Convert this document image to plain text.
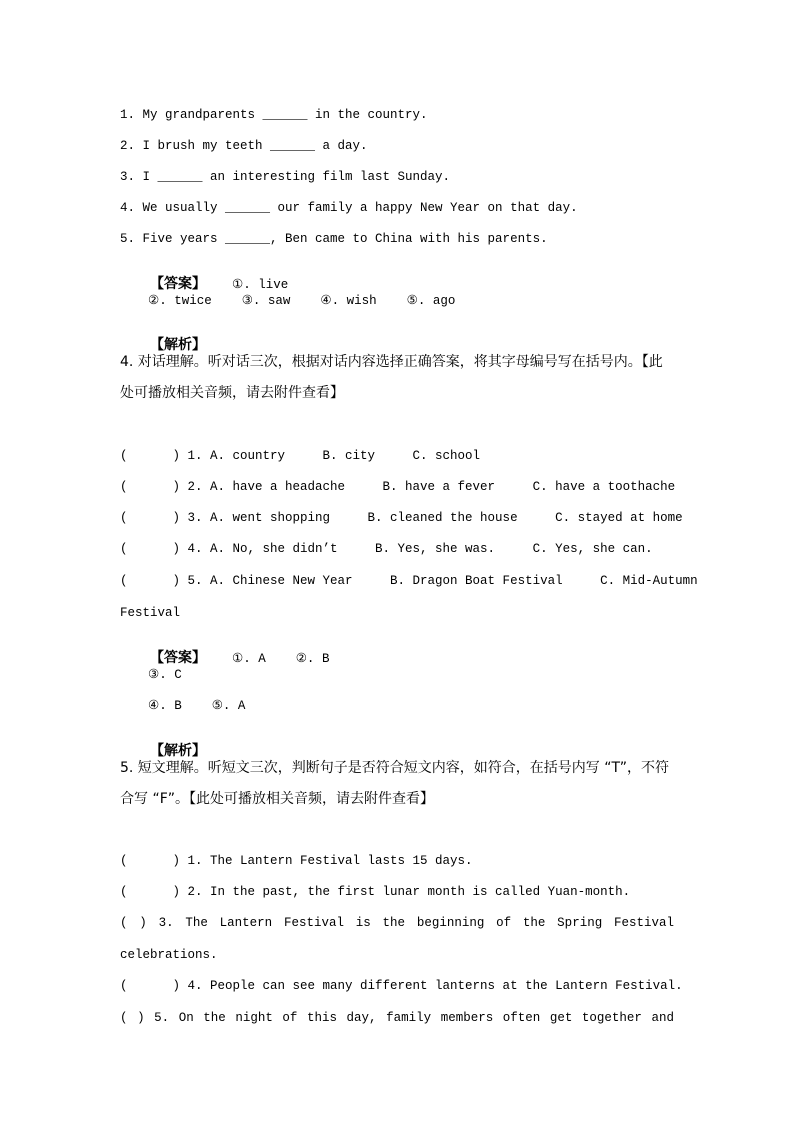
1. My grandparents ______ in the country.
2. I brush my teeth ______ a day.
3. I ______ an interesting film last Sunday.
4. We usually ______ our family a happy New Year on that day.
5. Five years ______, Ben came to China with his parents.

【答案】 ①. live

②. twice    ③. saw    ④. wish    ⑤. ago

【解析】

4. 对话理解。听对话三次，根据对话内容选择正确答案，将其字母编号写在括号内。【此
处可播放相关音频，请去附件查看】
(      ) 1. A. country     B. city     C. school
(      ) 2. A. have a headache     B. have a fever     C. have a toothache
(      ) 3. A. went shopping     B. cleaned the house     C. stayed at home
(      ) 4. A. No, she didn’t     B. Yes, she was.     C. Yes, she can.
(      ) 5. A. Chinese New Year     B. Dragon Boat Festival     C. Mid-Autumn
Festival

【答案】 ①. A    ②. B

③. C
④. B    ⑤. A

【解析】

5. 短文理解。听短文三次，判断句子是否符合短文内容，如符合，在括号内写 “T”，不符
合写 “F”。【此处可播放相关音频，请去附件查看】
(      ) 1. The Lantern Festival lasts 15 days.
(      ) 2. In the past, the first lunar month is called Yuan-month.
( ) 3. The Lantern Festival is the beginning of the Spring Festival
celebrations.
(      ) 4. People can see many different lanterns at the Lantern Festival.
( ) 5. On the night of this day, family members often get together and
